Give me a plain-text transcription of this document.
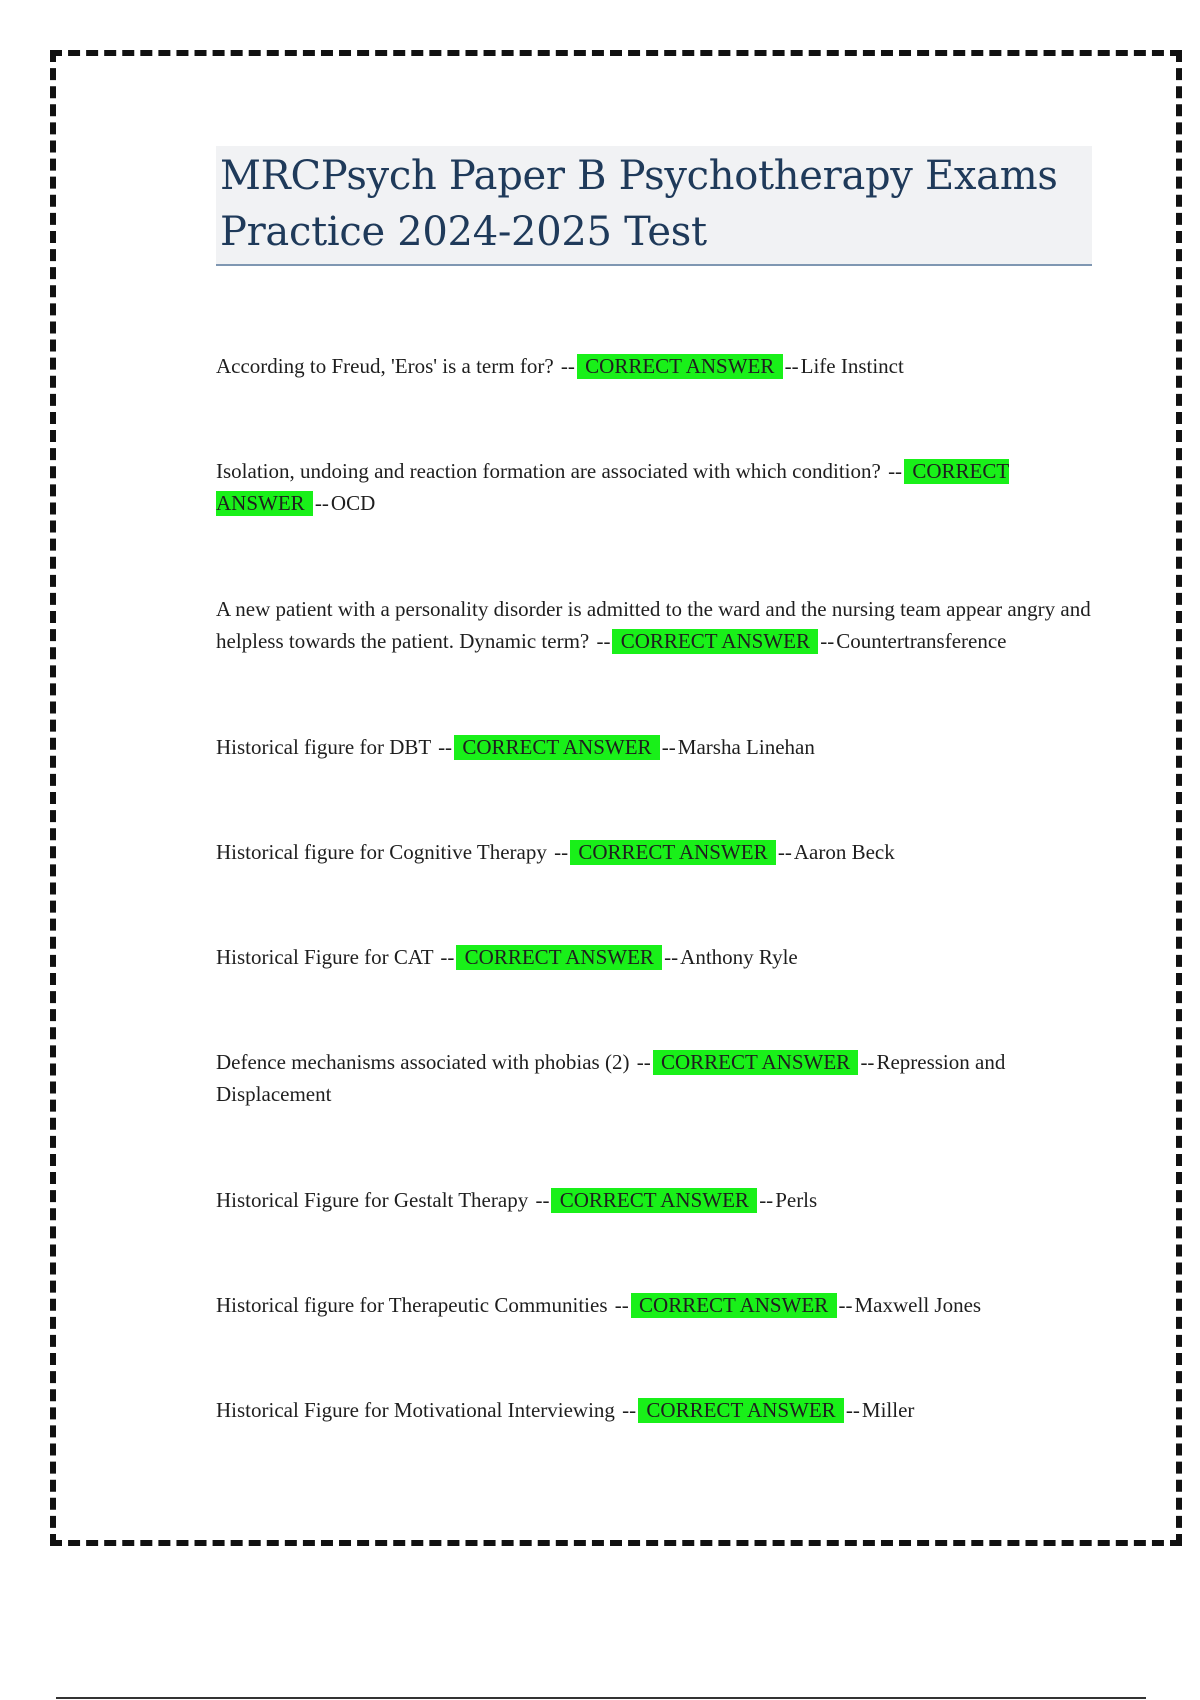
MRCPsych Paper B Psychotherapy Exams Practice 2024-2025 Test
According to Freud, 'Eros' is a term for? -- CORRECT ANSWER --Life Instinct
Isolation, undoing and reaction formation are associated with which condition? -- CORRECT ANSWER --OCD
A new patient with a personality disorder is admitted to the ward and the nursing team appear angry and helpless towards the patient. Dynamic term? -- CORRECT ANSWER --Countertransference
Historical figure for DBT -- CORRECT ANSWER --Marsha Linehan
Historical figure for Cognitive Therapy -- CORRECT ANSWER --Aaron Beck
Historical Figure for CAT -- CORRECT ANSWER --Anthony Ryle
Defence mechanisms associated with phobias (2) -- CORRECT ANSWER --Repression and Displacement
Historical Figure for Gestalt Therapy -- CORRECT ANSWER --Perls
Historical figure for Therapeutic Communities -- CORRECT ANSWER --Maxwell Jones
Historical Figure for Motivational Interviewing -- CORRECT ANSWER --Miller
